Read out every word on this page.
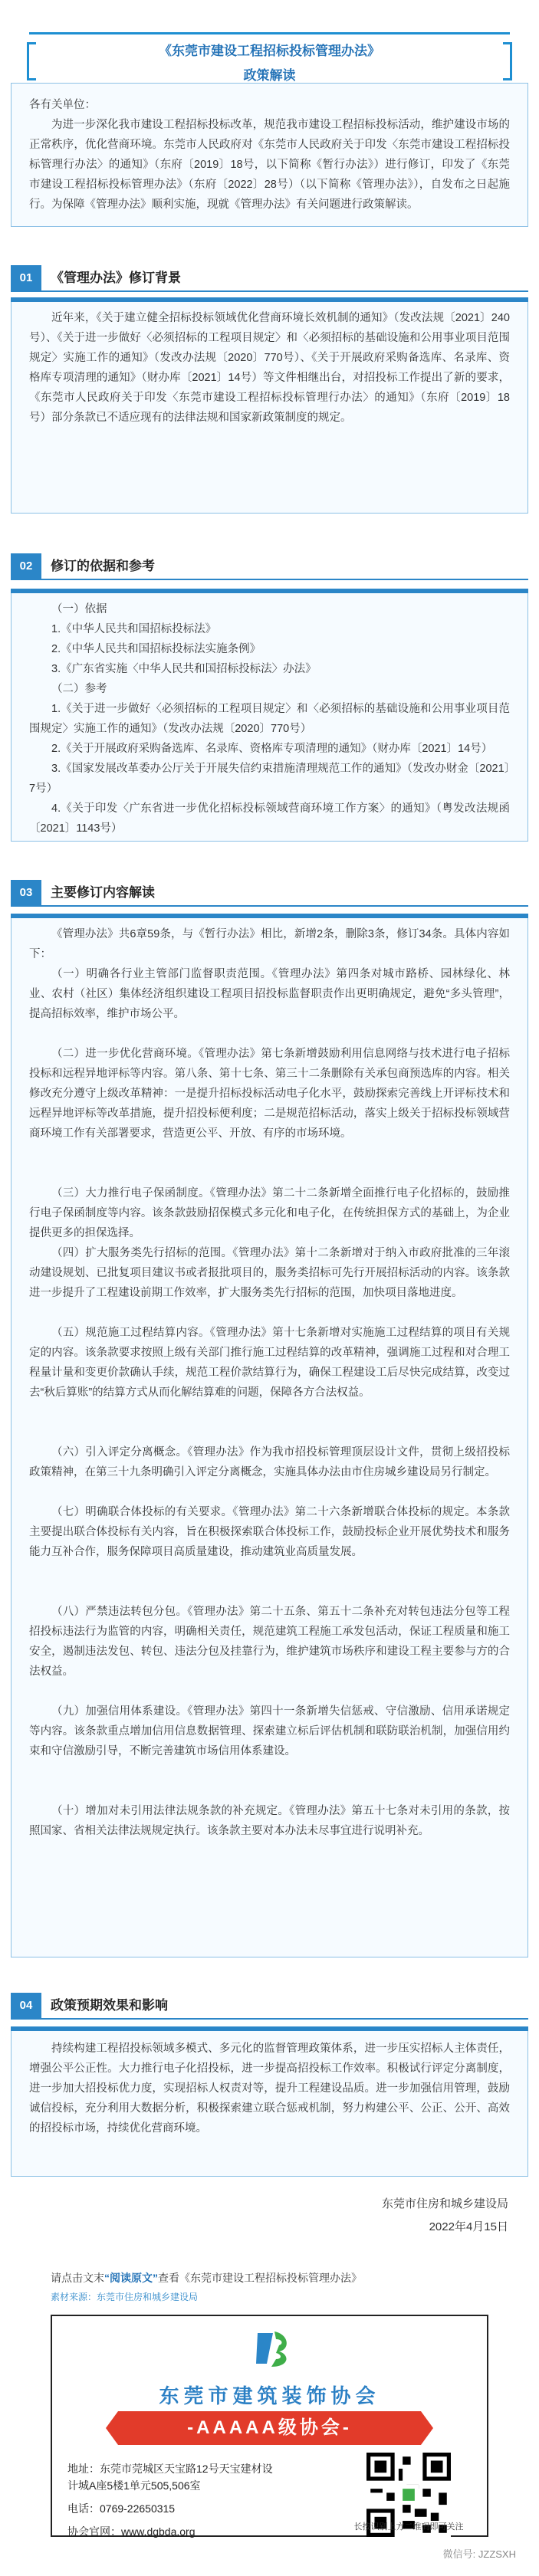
《东莞市建设工程招标投标管理办法》
政策解读
各有关单位：
为进一步深化我市建设工程招标投标改革，规范我市建设工程招标投标活动，维护建设市场的正常秩序，优化营商环境。东莞市人民政府对《东莞市人民政府关于印发〈东莞市建设工程招标投标管理行办法〉的通知》（东府〔2019〕18号，以下简称《暂行办法》）进行修订，印发了《东莞市建设工程招标投标管理办法》（东府〔2022〕28号）（以下简称《管理办法》），自发布之日起施行。为保障《管理办法》顺利实施，现就《管理办法》有关问题进行政策解读。
01	《管理办法》修订背景
近年来，《关于建立健全招标投标领域优化营商环境长效机制的通知》（发改法规〔2021〕240号）、《关于进一步做好〈必须招标的工程项目规定〉和〈必须招标的基础设施和公用事业项目范围规定〉实施工作的通知》（发改办法规〔2020〕770号）、《关于开展政府采购备选库、名录库、资格库专项清理的通知》（财办库〔2021〕14号）等文件相继出台，对招投标工作提出了新的要求，《东莞市人民政府关于印发〈东莞市建设工程招标投标管理行办法〉的通知》（东府〔2019〕18号）部分条款已不适应现有的法律法规和国家新政策制度的规定。
02	修订的依据和参考
（一）依据
1.《中华人民共和国招标投标法》
2.《中华人民共和国招标投标法实施条例》
3.《广东省实施〈中华人民共和国招标投标法〉办法》
（二）参考
1.《关于进一步做好〈必须招标的工程项目规定〉和〈必须招标的基础设施和公用事业项目范围规定〉实施工作的通知》（发改办法规〔2020〕770号）
2.《关于开展政府采购备选库、名录库、资格库专项清理的通知》（财办库〔2021〕14号）
3.《国家发展改革委办公厅关于开展失信约束措施清理规范工作的通知》（发改办财金〔2021〕7号）
4.《关于印发〈广东省进一步优化招标投标领域营商环境工作方案〉的通知》（粤发改法规函〔2021〕1143号）
03	主要修订内容解读
《管理办法》共6章59条，与《暂行办法》相比，新增2条，删除3条，修订34条。具体内容如下：
（一）明确各行业主管部门监督职责范围。《管理办法》第四条对城市路桥、园林绿化、林业、农村（社区）集体经济组织建设工程项目招投标监督职责作出更明确规定，避免“多头管理”，提高招标效率，维护市场公平。
（二）进一步优化营商环境。《管理办法》第七条新增鼓励利用信息网络与技术进行电子招标投标和远程异地评标等内容。第八条、第十七条、第三十二条删除有关承包商预选库的内容。相关修改充分遵守上级改革精神：一是提升招标投标活动电子化水平，鼓励探索完善线上开评标技术和远程异地评标等改革措施，提升招投标便利度；二是规范招标活动，落实上级关于招标投标领域营商环境工作有关部署要求，营造更公平、开放、有序的市场环境。
（三）大力推行电子保函制度。《管理办法》第二十二条新增全面推行电子化招标的，鼓励推行电子保函制度等内容。该条款鼓励招保模式多元化和电子化，在传统担保方式的基础上，为企业提供更多的担保选择。
（四）扩大服务类先行招标的范围。《管理办法》第十二条新增对于纳入市政府批准的三年滚动建设规划、已批复项目建议书或者报批项目的，服务类招标可先行开展招标活动的内容。该条款进一步提升了工程建设前期工作效率，扩大服务类先行招标的范围，加快项目落地进度。
（五）规范施工过程结算内容。《管理办法》第十七条新增对实施施工过程结算的项目有关规定的内容。该条款要求按照上级有关部门推行施工过程结算的改革精神，强调施工过程和对合理工程量计量和变更价款确认手续，规范工程价款结算行为，确保工程建设工后尽快完成结算，改变过去“秋后算账”的结算方式从而化解结算难的问题，保障各方合法权益。
（六）引入评定分离概念。《管理办法》作为我市招投标管理顶层设计文件，贯彻上级招投标政策精神，在第三十九条明确引入评定分离概念，实施具体办法由市住房城乡建设局另行制定。
（七）明确联合体投标的有关要求。《管理办法》第二十六条新增联合体投标的规定。本条款主要提出联合体投标有关内容，旨在积极探索联合体投标工作，鼓励投标企业开展优势技术和服务能力互补合作，服务保障项目高质量建设，推动建筑业高质量发展。
（八）严禁违法转包分包。《管理办法》第二十五条、第五十二条补充对转包违法分包等工程招投标违法行为监管的内容，明确相关责任，规范建筑工程施工承发包活动，保证工程质量和施工安全，遏制违法发包、转包、违法分包及挂靠行为，维护建筑市场秩序和建设工程主要参与方的合法权益。
（九）加强信用体系建设。《管理办法》第四十一条新增失信惩戒、守信激励、信用承诺规定等内容。该条款重点增加信用信息数据管理、探索建立标后评估机制和联防联治机制，加强信用约束和守信激励引导，不断完善建筑市场信用体系建设。
（十）增加对未引用法律法规条款的补充规定。《管理办法》第五十七条对未引用的条款，按照国家、省相关法律法规规定执行。该条款主要对本办法未尽事宜进行说明补充。
04	政策预期效果和影响
持续构建工程招投标领域多模式、多元化的监督管理政策体系，进一步压实招标人主体责任，增强公平公正性。大力推行电子化招投标，进一步提高招投标工作效率。积极试行评定分离制度，进一步加大招投标优力度，实现招标人权责对等，提升工程建设品质。进一步加强信用管理，鼓励诚信投标，充分利用大数据分析，积极探索建立联合惩戒机制，努力构建公平、公正、公开、高效的招投标市场，持续优化营商环境。
东莞市住房和城乡建设局
2022年4月15日
请点击文末“阅读原文”查看《东莞市建设工程招标投标管理办法》
素材来源：东莞市住房和城乡建设局
东莞市建筑装饰协会
-AAAAA级协会-
地址：东莞市莞城区天宝路12号天宝建材设计城A座5楼1单元505,506室
电话：0769-22650315
协会官网：www.dgbda.org	长按识别上方二维码即可关注
微信号: JZZSXH
